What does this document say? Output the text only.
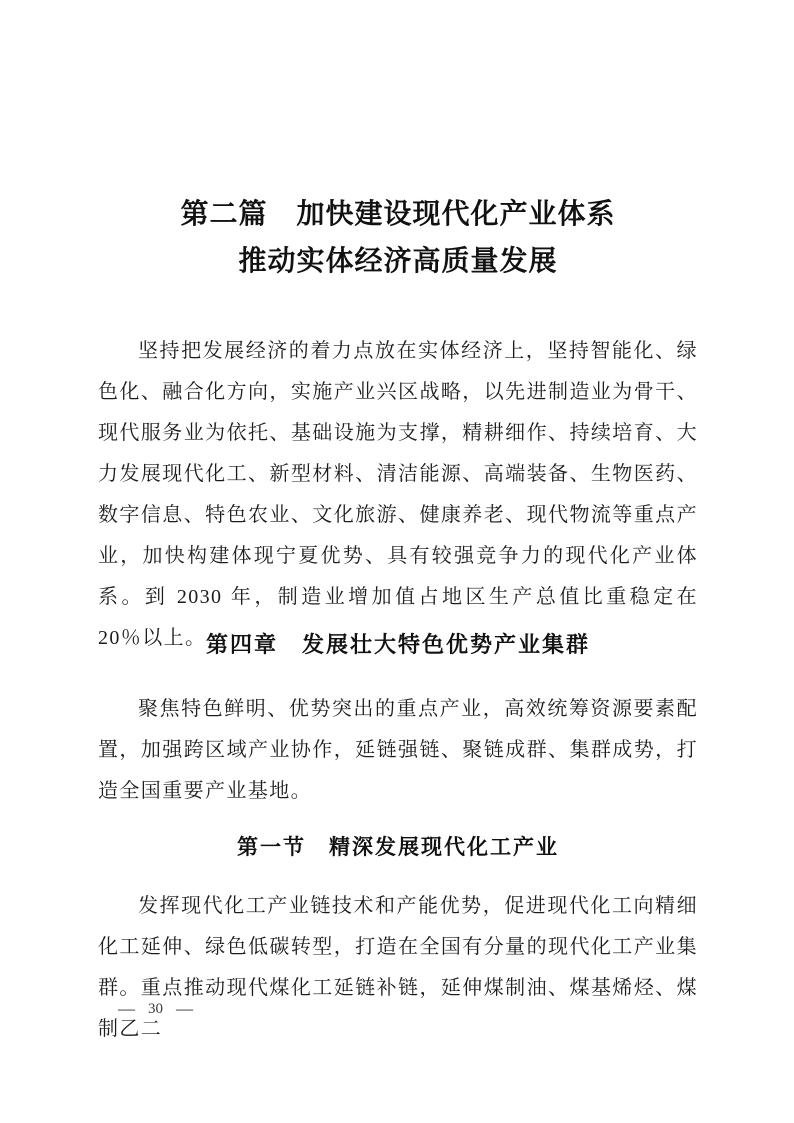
第二篇　加快建设现代化产业体系
推动实体经济高质量发展

坚持把发展经济的着力点放在实体经济上，坚持智能化、绿色化、融合化方向，实施产业兴区战略，以先进制造业为骨干、现代服务业为依托、基础设施为支撑，精耕细作、持续培育、大力发展现代化工、新型材料、清洁能源、高端装备、生物医药、数字信息、特色农业、文化旅游、健康养老、现代物流等重点产业，加快构建体现宁夏优势、具有较强竞争力的现代化产业体系。到 2030 年，制造业增加值占地区生产总值比重稳定在 20％以上。 第四章　发展壮大特色优势产业集群

聚焦特色鲜明、优势突出的重点产业，高效统筹资源要素配置，加强跨区域产业协作，延链强链、聚链成群、集群成势，打造全国重要产业基地。

第一节　精深发展现代化工产业

发挥现代化工产业链技术和产能优势，促进现代化工向精细化工延伸、绿色低碳转型，打造在全国有分量的现代化工产业集群。重点推动现代煤化工延链补链，延伸煤制油、煤基烯烃、煤制乙二

— 30 —
